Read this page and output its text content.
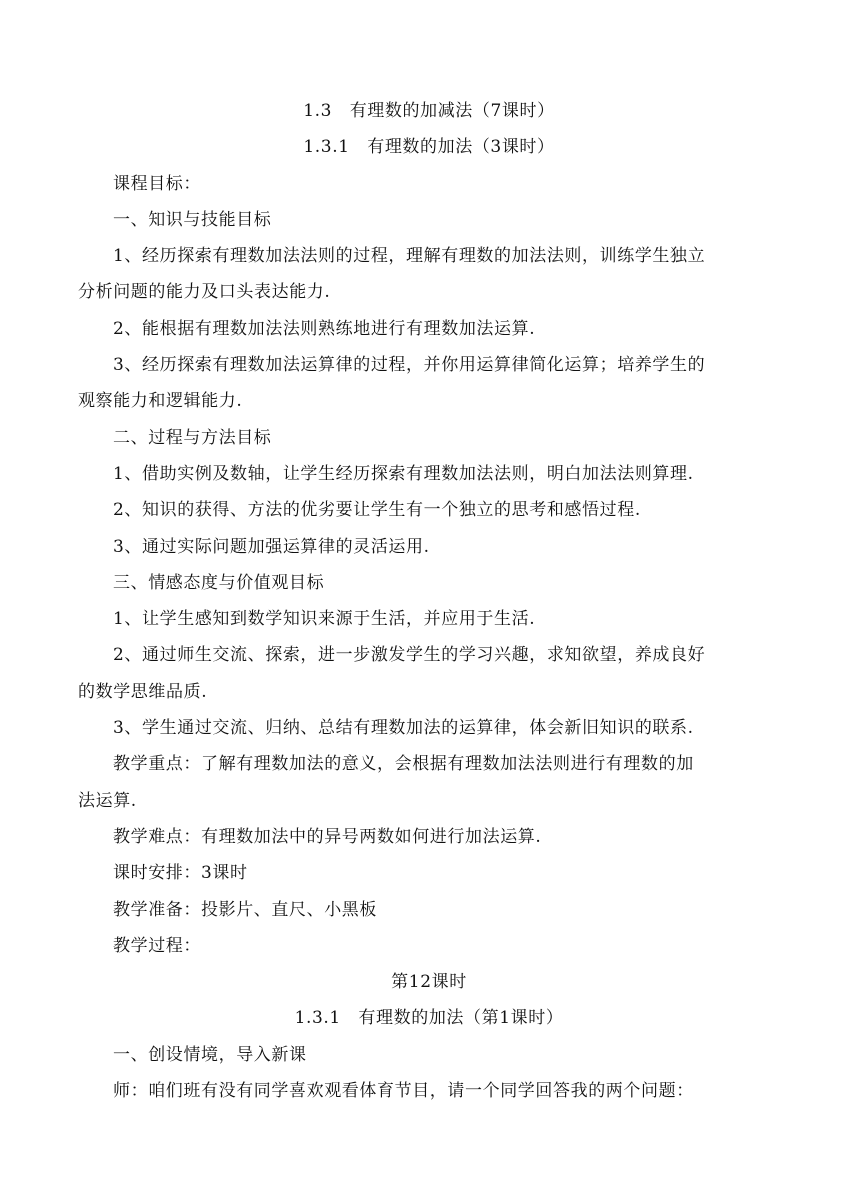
1.3　有理数的加减法（7课时）
1.3.1　有理数的加法（3课时）
课程目标：
一、知识与技能目标
1、经历探索有理数加法法则的过程，理解有理数的加法法则，训练学生独立
分析问题的能力及口头表达能力.
2、能根据有理数加法法则熟练地进行有理数加法运算.
3、经历探索有理数加法运算律的过程，并你用运算律简化运算；培养学生的
观察能力和逻辑能力.
二、过程与方法目标
1、借助实例及数轴，让学生经历探索有理数加法法则，明白加法法则算理.
2、知识的获得、方法的优劣要让学生有一个独立的思考和感悟过程.
3、通过实际问题加强运算律的灵活运用.
三、情感态度与价值观目标
1、让学生感知到数学知识来源于生活，并应用于生活.
2、通过师生交流、探索，进一步激发学生的学习兴趣，求知欲望，养成良好
的数学思维品质.
3、学生通过交流、归纳、总结有理数加法的运算律，体会新旧知识的联系.
教学重点：了解有理数加法的意义，会根据有理数加法法则进行有理数的加
法运算.
教学难点：有理数加法中的异号两数如何进行加法运算.
课时安排：3课时
教学准备：投影片、直尺、小黑板
教学过程：
第12课时
1.3.1　有理数的加法（第1课时）
一、创设情境，导入新课
师：咱们班有没有同学喜欢观看体育节目，请一个同学回答我的两个问题：
